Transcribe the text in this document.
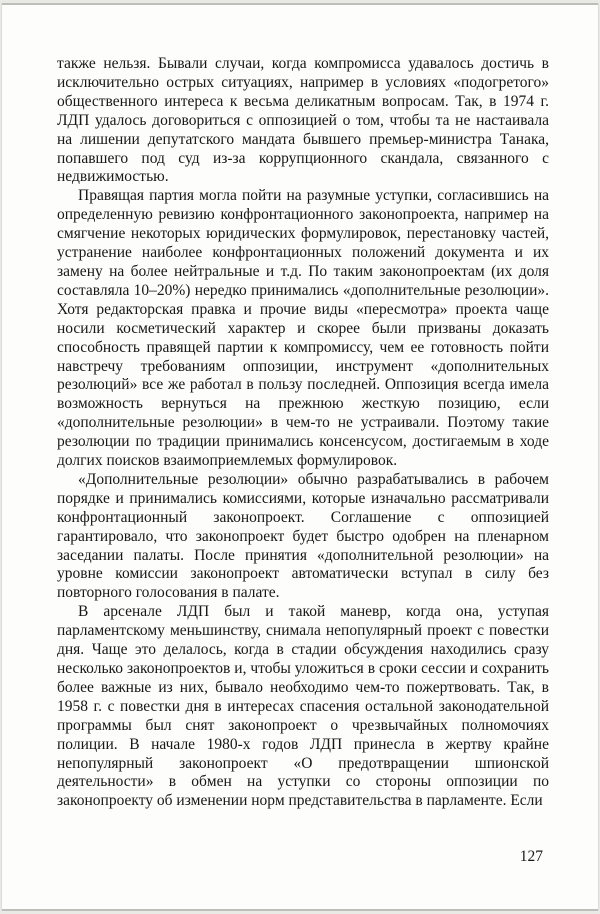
также нельзя. Бывали случаи, когда компромисса удавалось достичь в исключительно острых ситуациях, например в условиях «подогретого» общественного интереса к весьма деликатным вопросам. Так, в 1974 г. ЛДП удалось договориться с оппозицией о том, чтобы та не настаивала на лишении депутатского мандата бывшего премьер-министра Танака, попавшего под суд из-за коррупционного скандала, связанного с недвижимостью.

Правящая партия могла пойти на разумные уступки, согласившись на определенную ревизию конфронтационного законопроекта, например на смягчение некоторых юридических формулировок, перестановку частей, устранение наиболее конфронтационных положений документа и их замену на более нейтральные и т.д. По таким законопроектам (их доля составляла 10–20%) нередко принимались «дополнительные резолюции». Хотя редакторская правка и прочие виды «пересмотра» проекта чаще носили косметический характер и скорее были призваны доказать способность правящей партии к компромиссу, чем ее готовность пойти навстречу требованиям оппозиции, инструмент «дополнительных резолюций» все же работал в пользу последней. Оппозиция всегда имела возможность вернуться на прежнюю жесткую позицию, если «дополнительные резолюции» в чем-то не устраивали. Поэтому такие резолюции по традиции принимались консенсусом, достигаемым в ходе долгих поисков взаимоприемлемых формулировок.

«Дополнительные резолюции» обычно разрабатывались в рабочем порядке и принимались комиссиями, которые изначально рассматривали конфронтационный законопроект. Соглашение с оппозицией гарантировало, что законопроект будет быстро одобрен на пленарном заседании палаты. После принятия «дополнительной резолюции» на уровне комиссии законопроект автоматически вступал в силу без повторного голосования в палате.

В арсенале ЛДП был и такой маневр, когда она, уступая парламентскому меньшинству, снимала непопулярный проект с повестки дня. Чаще это делалось, когда в стадии обсуждения находились сразу несколько законопроектов и, чтобы уложиться в сроки сессии и сохранить более важные из них, бывало необходимо чем-то пожертвовать. Так, в 1958 г. с повестки дня в интересах спасения остальной законодательной программы был снят законопроект о чрезвычайных полномочиях полиции. В начале 1980-х годов ЛДП принесла в жертву крайне непопулярный законопроект «О предотвращении шпионской деятельности» в обмен на уступки со стороны оппозиции по законопроекту об изменении норм представительства в парламенте. Если

127
